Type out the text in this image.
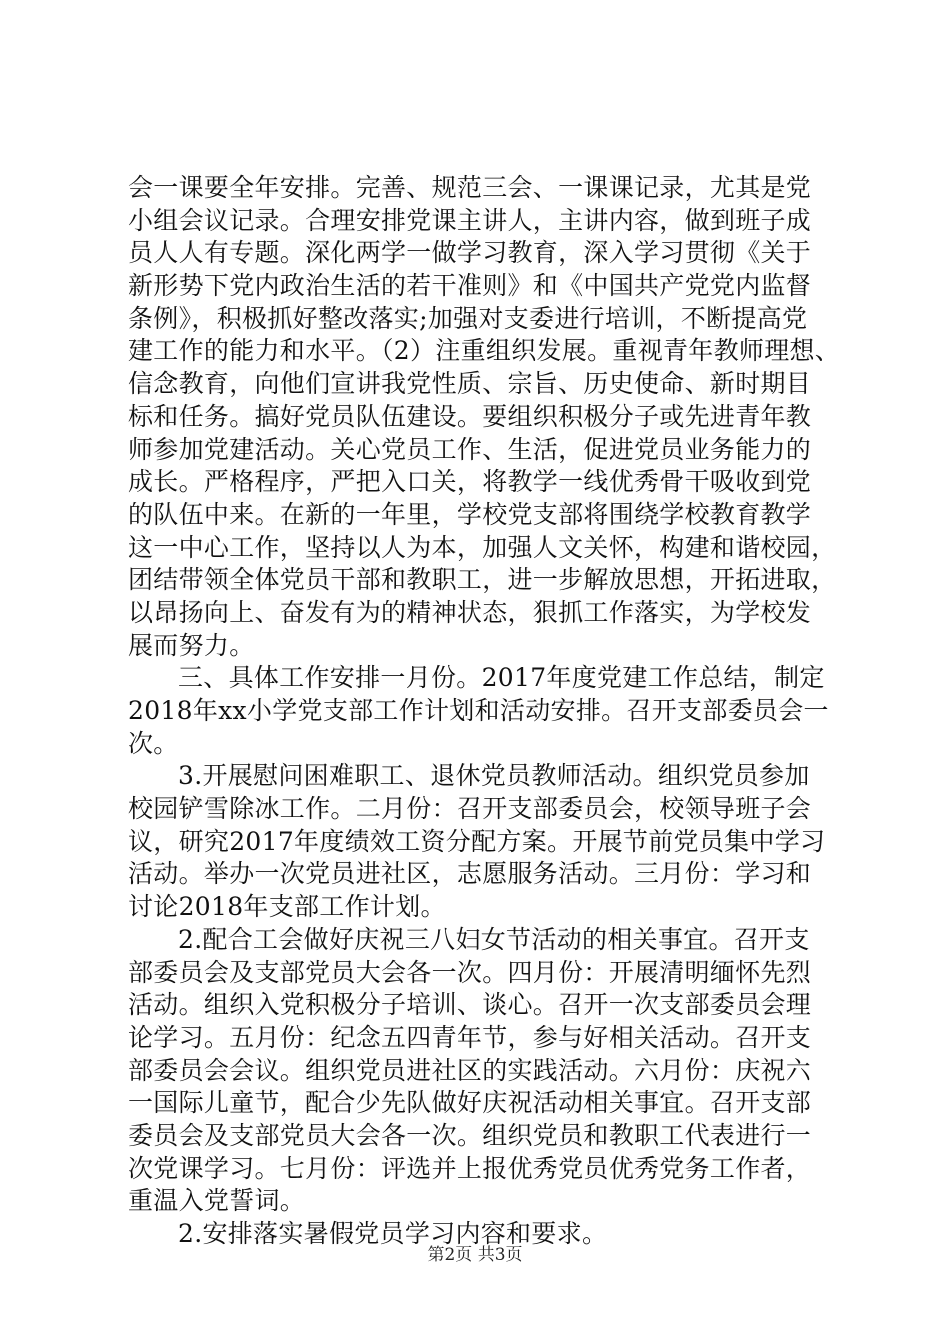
会一课要全年安排。完善、规范三会、一课课记录，尤其是党
小组会议记录。合理安排党课主讲人，主讲内容，做到班子成
员人人有专题。深化两学一做学习教育，深入学习贯彻《关于
新形势下党内政治生活的若干准则》和《中国共产党党内监督
条例》，积极抓好整改落实;加强对支委进行培训，不断提高党
建工作的能力和水平。（2）注重组织发展。重视青年教师理想、
信念教育，向他们宣讲我党性质、宗旨、历史使命、新时期目
标和任务。搞好党员队伍建设。要组织积极分子或先进青年教
师参加党建活动。关心党员工作、生活，促进党员业务能力的
成长。严格程序，严把入口关，将教学一线优秀骨干吸收到党
的队伍中来。在新的一年里，学校党支部将围绕学校教育教学
这一中心工作，坚持以人为本，加强人文关怀，构建和谐校园，
团结带领全体党员干部和教职工，进一步解放思想，开拓进取，
以昂扬向上、奋发有为的精神状态，狠抓工作落实，为学校发
展而努力。
三、具体工作安排一月份。2017年度党建工作总结，制定
2018年xx小学党支部工作计划和活动安排。召开支部委员会一
次。
3.开展慰问困难职工、退休党员教师活动。组织党员参加
校园铲雪除冰工作。二月份：召开支部委员会，校领导班子会
议，研究2017年度绩效工资分配方案。开展节前党员集中学习
活动。举办一次党员进社区，志愿服务活动。三月份：学习和
讨论2018年支部工作计划。
2.配合工会做好庆祝三八妇女节活动的相关事宜。召开支
部委员会及支部党员大会各一次。四月份：开展清明缅怀先烈
活动。组织入党积极分子培训、谈心。召开一次支部委员会理
论学习。五月份：纪念五四青年节，参与好相关活动。召开支
部委员会会议。组织党员进社区的实践活动。六月份：庆祝六
一国际儿童节，配合少先队做好庆祝活动相关事宜。召开支部
委员会及支部党员大会各一次。组织党员和教职工代表进行一
次党课学习。七月份：评选并上报优秀党员优秀党务工作者，
重温入党誓词。
2.安排落实暑假党员学习内容和要求。
第2页 共3页
